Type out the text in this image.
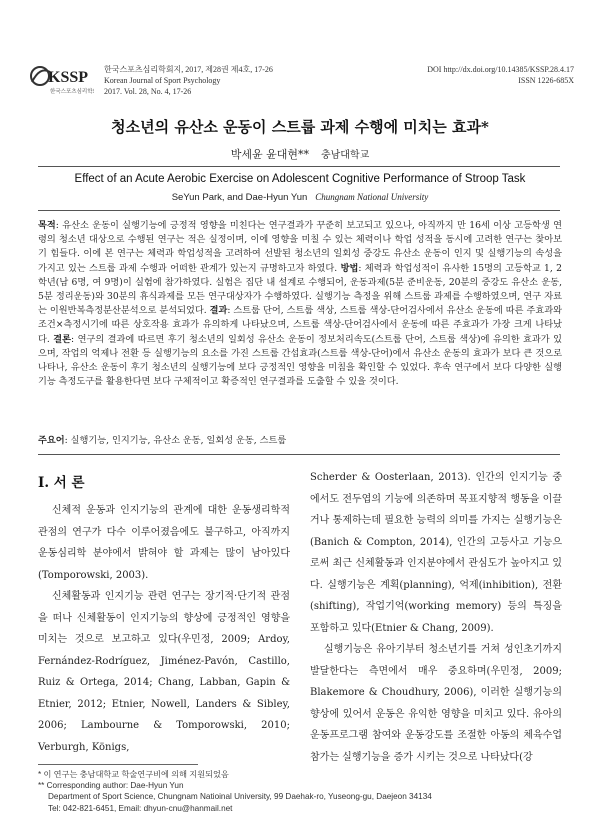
KSSP
한국스포츠심리학회
한국스포츠심리학회지, 2017, 제28권 제4호, 17-26
Korean Journal of Sport Psychology
2017. Vol. 28, No. 4, 17-26
DOI http://dx.doi.org/10.14385/KSSP.28.4.17
ISSN 1226-685X
청소년의 유산소 운동이 스트룹 과제 수행에 미치는 효과*
박세윤 윤대현** 충남대학교
Effect of an Acute Aerobic Exercise on Adolescent Cognitive Performance of Stroop Task
SeYun Park, and Dae-Hyun Yun Chungnam National University
목적: 유산소 운동이 실행기능에 긍정적 영향을 미친다는 연구결과가 꾸준히 보고되고 있으나, 아직까지 만 16세 이상 고등학생 연령의 청소년 대상으로 수행된 연구는 적은 실정이며, 이에 영향을 미칠 수 있는 체력이나 학업 성적을 동시에 고려한 연구는 찾아보기 힘들다. 이에 본 연구는 체력과 학업성적을 고려하여 선발된 청소년의 일회성 중강도 유산소 운동이 인지 및 실행기능의 속성을 가지고 있는 스트룹 과제 수행과 어떠한 관계가 있는지 규명하고자 하였다. 방법: 체력과 학업성적이 유사한 15명의 고등학교 1, 2학년(남 6명, 여 9명)이 실험에 참가하였다. 실험은 집단 내 설계로 수행되어, 운동과제(5분 준비운동, 20분의 중강도 유산소 운동, 5분 정리운동)와 30분의 휴식과제를 모든 연구대상자가 수행하였다. 실행기능 측정을 위해 스트룹 과제를 수행하였으며, 연구 자료는 이원반복측정분산분석으로 분석되었다. 결과: 스트룹 단어, 스트룹 색상, 스트룹 색상-단어검사에서 유산소 운동에 따른 주효과와 조건×측정시기에 따른 상호작용 효과가 유의하게 나타났으며, 스트룹 색상-단어검사에서 운동에 따른 주효과가 가장 크게 나타났다. 결론: 연구의 결과에 따르면 후기 청소년의 일회성 유산소 운동이 정보처리속도(스트룹 단어, 스트룹 색상)에 유의한 효과가 있으며, 작업의 억제나 전환 등 실행기능의 요소를 가진 스트룹 간섭효과(스트룹 색상-단어)에서 유산소 운동의 효과가 보다 큰 것으로 나타나, 유산소 운동이 후기 청소년의 실행기능에 보다 긍정적인 영향을 미침을 확인할 수 있었다. 후속 연구에서 보다 다양한 실행기능 측정도구를 활용한다면 보다 구체적이고 확증적인 연구결과를 도출할 수 있을 것이다.
주요어: 실행기능, 인지기능, 유산소 운동, 일회성 운동, 스트룹
I. 서 론

신체적 운동과 인지기능의 관계에 대한 운동생리학적 관점의 연구가 다수 이루어졌음에도 불구하고, 아직까지 운동심리학 분야에서 밝혀야 할 과제는 많이 남아있다(Tomporowski, 2003).

신체활동과 인지기능 관련 연구는 장기적·단기적 관점을 떠나 신체활동이 인지기능의 향상에 긍정적인 영향을 미치는 것으로 보고하고 있다(우민정, 2009; Ardoy, Fernández-Rodríguez, Jiménez-Pavón, Castillo, Ruiz & Ortega, 2014; Chang, Labban, Gapin & Etnier, 2012; Etnier, Nowell, Landers & Sibley, 2006; Lambourne & Tomporowski, 2010; Verburgh, Königs,

Scherder & Oosterlaan, 2013). 인간의 인지기능 중에서도 전두엽의 기능에 의존하며 목표지향적 행동을 이끌거나 통제하는데 필요한 능력의 의미를 가지는 실행기능은(Banich & Compton, 2014), 인간의 고등사고 기능으로써 최근 신체활동과 인지분야에서 관심도가 높아지고 있다. 실행기능은 계획(planning), 억제(inhibition), 전환(shifting), 작업기억(working memory) 등의 특징을 포함하고 있다(Etnier & Chang, 2009).

실행기능은 유아기부터 청소년기를 거쳐 성인초기까지 발달한다는 측면에서 매우 중요하며(우민정, 2009; Blakemore & Choudhury, 2006), 이러한 실행기능의 향상에 있어서 운동은 유익한 영향을 미치고 있다. 유아의 운동프로그램 참여와 운동강도를 조절한 아동의 체육수업 참가는 실행기능을 증가 시키는 것으로 나타났다(강

* 이 연구는 충남대학교 학술연구비에 의해 지원되었음
** Corresponding author: Dae-Hyun Yun
Department of Sport Science, Chungnam Natioinal University, 99 Daehak-ro, Yuseong-gu, Daejeon 34134
Tel: 042-821-6451, Email: dhyun-cnu@hanmail.net
